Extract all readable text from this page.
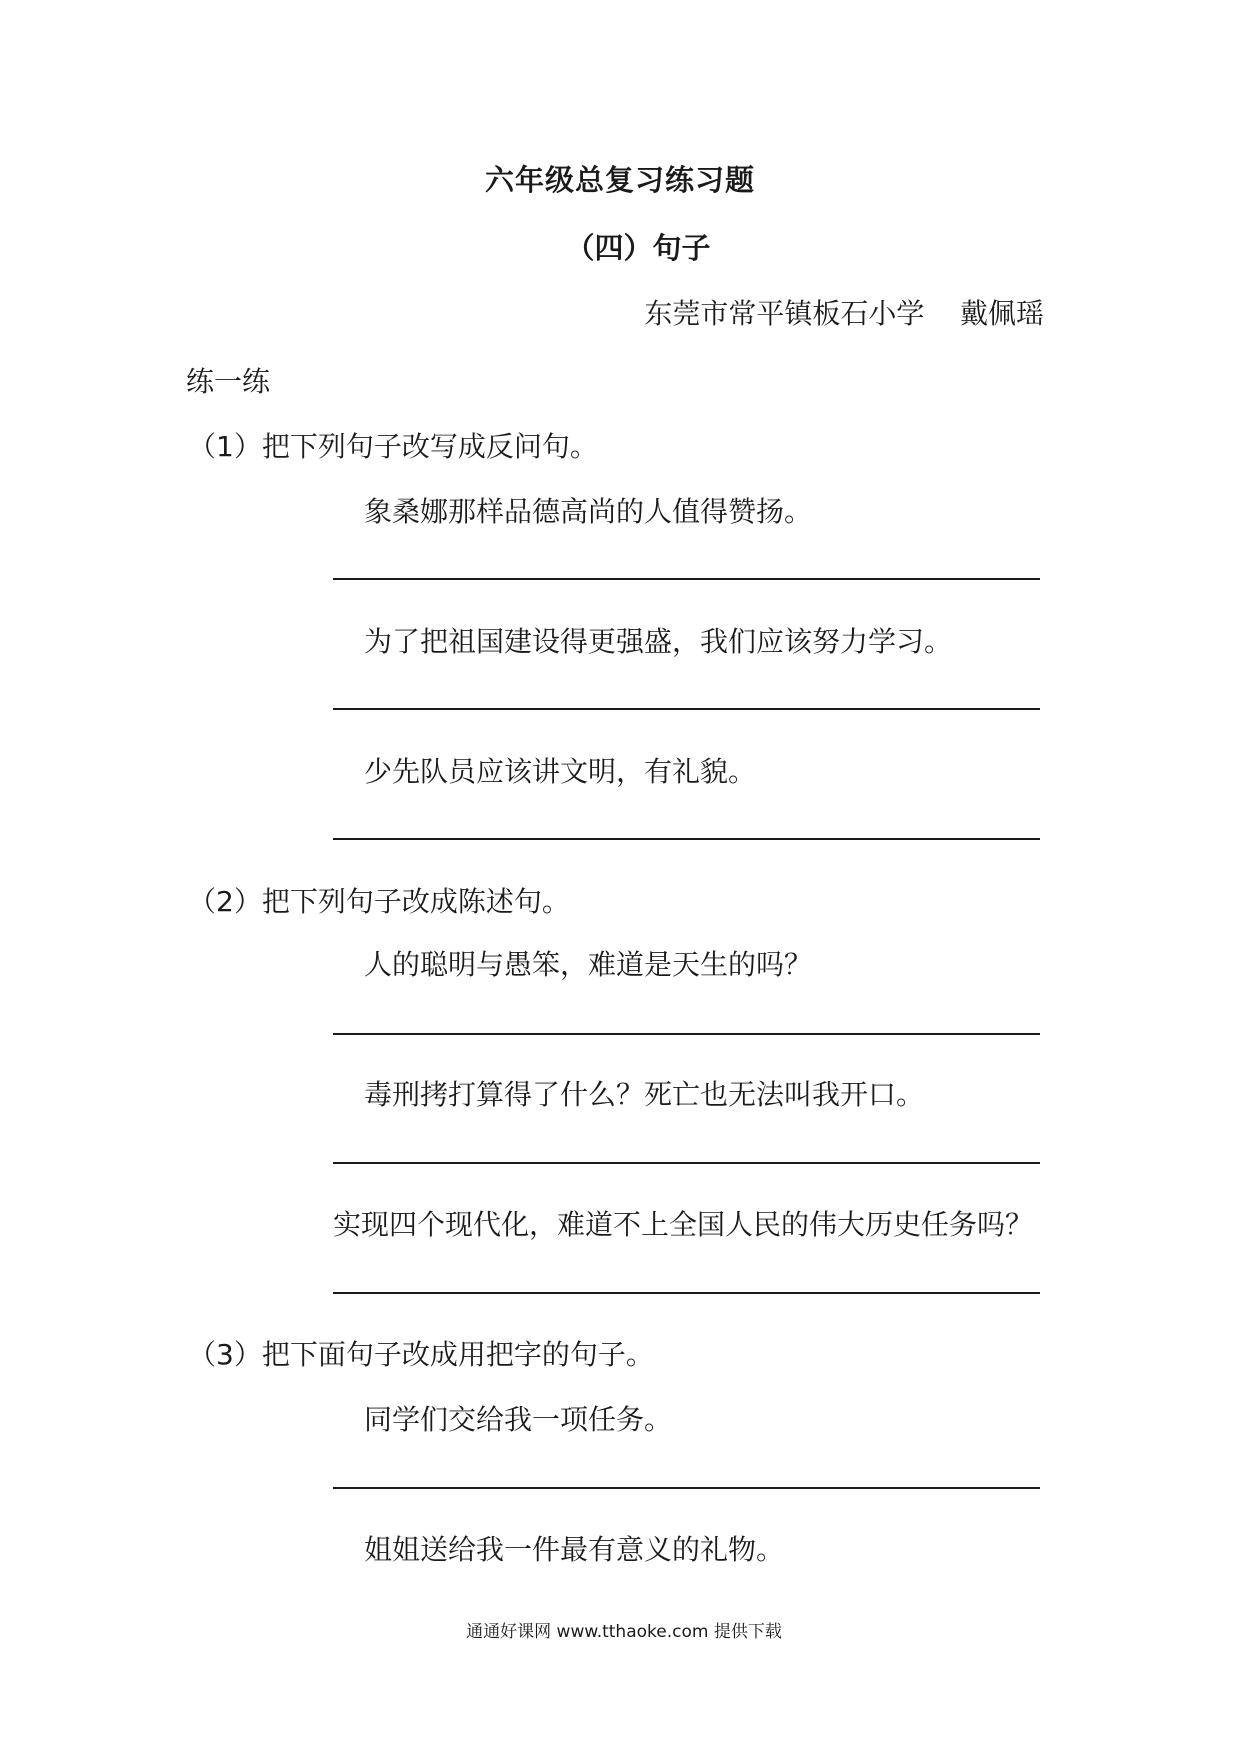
六年级总复习练习题
（四）句子
东莞市常平镇板石小学    戴佩瑶
练一练
（1）把下列句子改写成反问句。
象桑娜那样品德高尚的人值得赞扬。
为了把祖国建设得更强盛，我们应该努力学习。
少先队员应该讲文明，有礼貌。
（2）把下列句子改成陈述句。
人的聪明与愚笨，难道是天生的吗？
毒刑拷打算得了什么？死亡也无法叫我开口。
实现四个现代化，难道不上全国人民的伟大历史任务吗？
（3）把下面句子改成用把字的句子。
同学们交给我一项任务。
姐姐送给我一件最有意义的礼物。
通通好课网 www.tthaoke.com 提供下载
